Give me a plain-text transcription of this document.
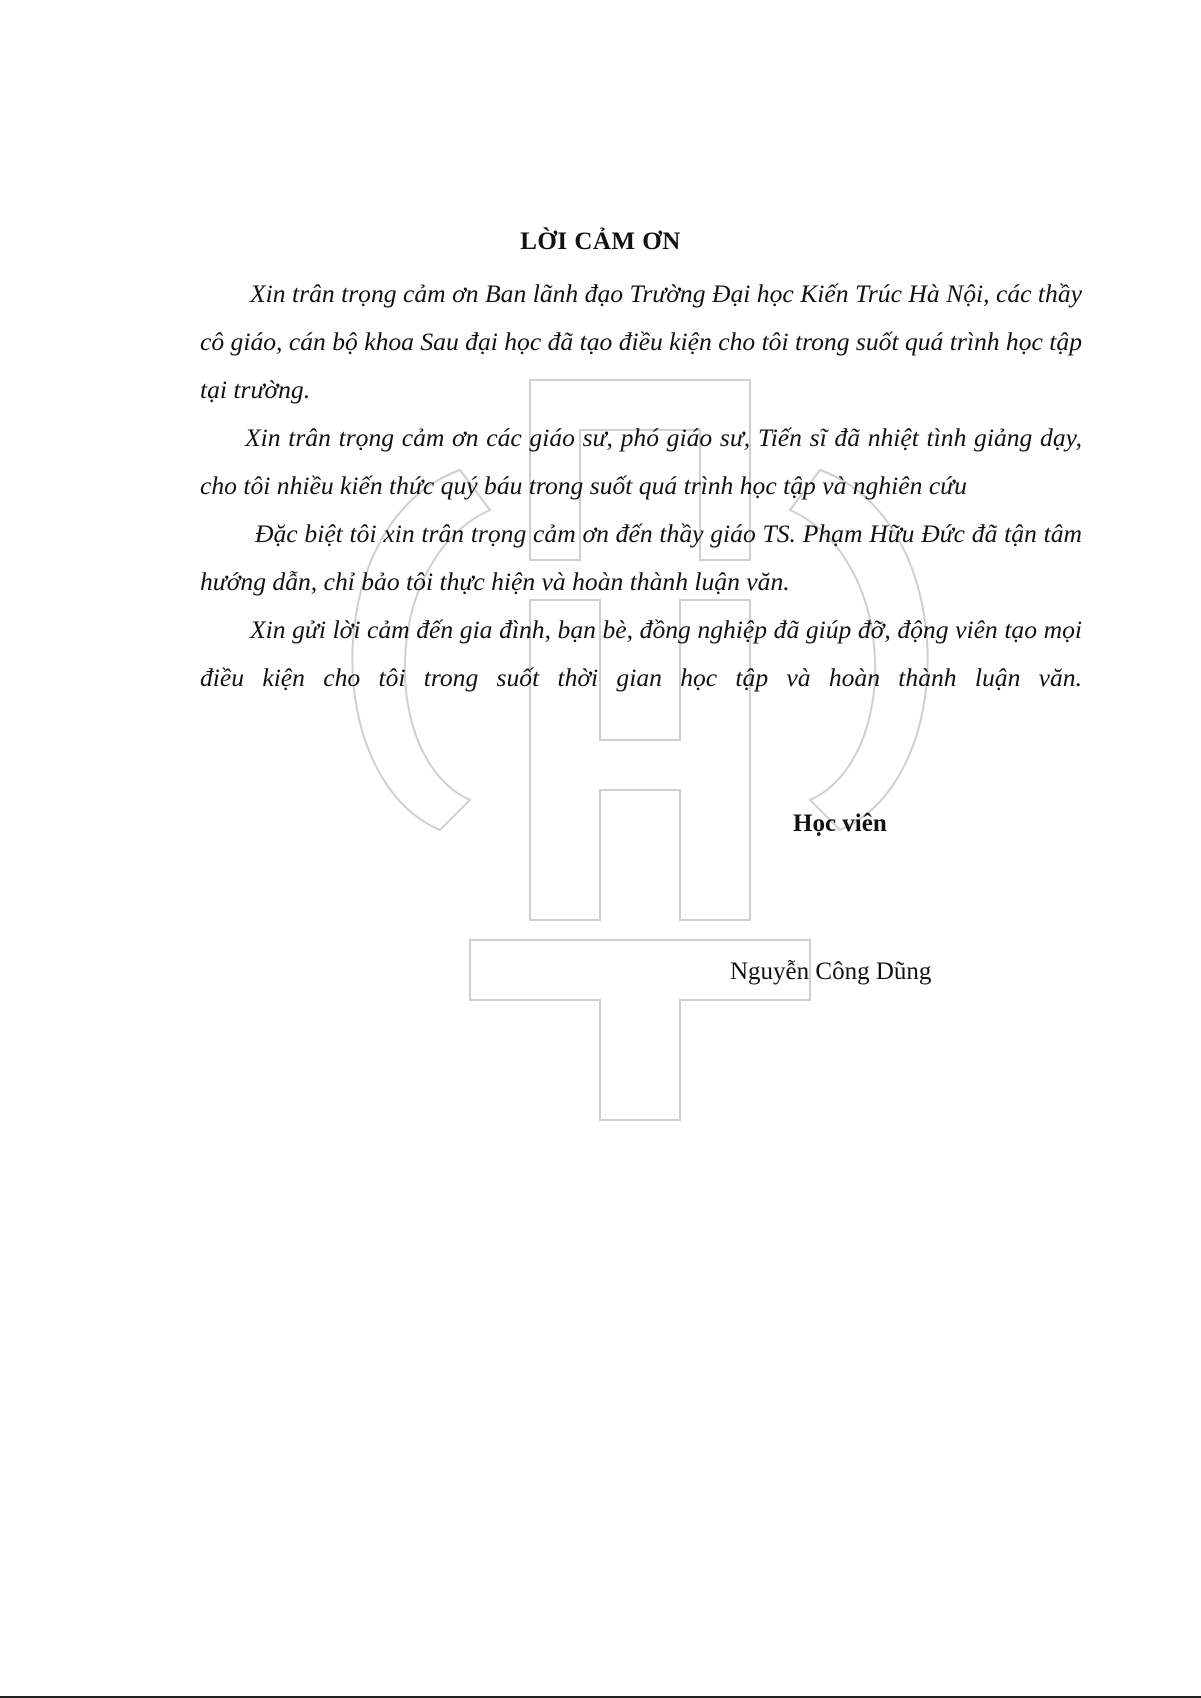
LỜI CẢM ƠN

Xin trân trọng cảm ơn Ban lãnh đạo Trường Đại học Kiến Trúc Hà Nội, các thầy cô giáo, cán bộ khoa Sau đại học đã tạo điều kiện cho tôi trong suốt quá trình học tập tại trường.

Xin trân trọng cảm ơn các giáo sư, phó giáo sư, Tiến sĩ đã nhiệt tình giảng dạy, cho tôi nhiều kiến thức quý báu trong suốt quá trình học tập và nghiên cứu

Đặc biệt tôi xin trân trọng cảm ơn đến thầy giáo TS. Phạm Hữu Đức đã tận tâm hướng dẫn, chỉ bảo tôi thực hiện và hoàn thành luận văn.

Xin gửi lời cảm đến gia đình, bạn bè, đồng nghiệp đã giúp đỡ, động viên tạo mọi điều kiện cho tôi trong suốt thời gian học tập và hoàn thành luận văn.

Học viên

Nguyễn Công Dũng
